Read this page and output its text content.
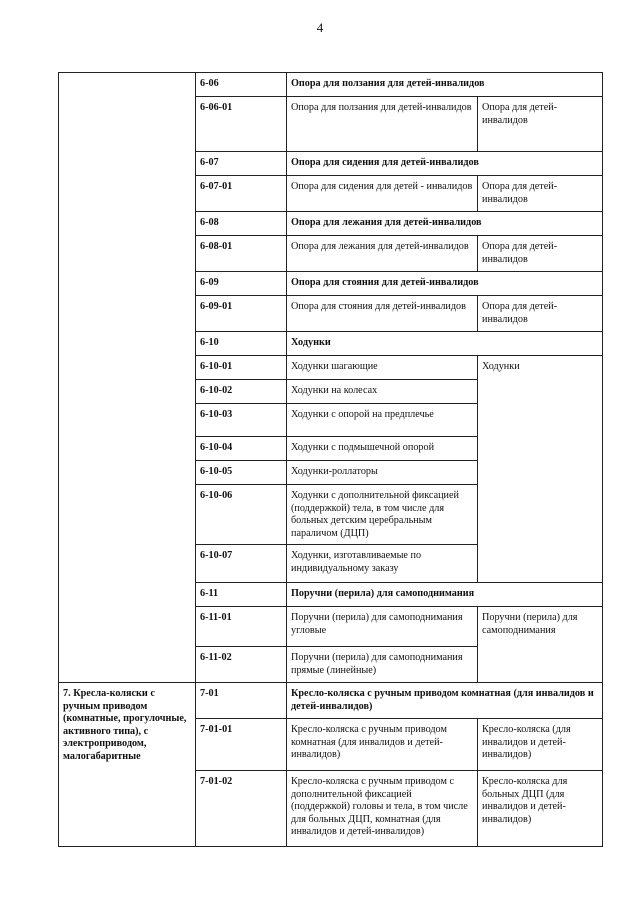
4
	6-06	Опора для ползания для детей-инвалидов	
	6-06-01	Опора для ползания для детей-инвалидов	Опора для детей-инвалидов
	6-07	Опора для сидения для детей-инвалидов	
	6-07-01	Опора для сидения для детей - инвалидов	Опора для детей-инвалидов
	6-08	Опора для лежания для детей-инвалидов	
	6-08-01	Опора для лежания для детей-инвалидов	Опора для детей-инвалидов
	6-09	Опора для стояния для детей-инвалидов	
	6-09-01	Опора для стояния для детей-инвалидов	Опора для детей-инвалидов
	6-10	Ходунки	
	6-10-01	Ходунки шагающие	Ходунки
	6-10-02	Ходунки на колесах	
	6-10-03	Ходунки с опорой на предплечье	
	6-10-04	Ходунки с подмышечной опорой	
	6-10-05	Ходунки-роллаторы	
	6-10-06	Ходунки с дополнительной фиксацией (поддержкой) тела, в том числе для больных детским церебральным параличом (ДЦП)	
	6-10-07	Ходунки, изготавливаемые по индивидуальному заказу	
	6-11	Поручни (перила) для самоподнимания	
	6-11-01	Поручни (перила) для самоподнимания угловые	Поручни (перила) для самоподнимания
	6-11-02	Поручни (перила) для самоподнимания прямые (линейные)	
7. Кресла-коляски с ручным приводом (комнатные, прогулочные, активного типа), с электроприводом, малогабаритные	7-01	Кресло-коляска с ручным приводом комнатная (для инвалидов и детей-инвалидов)	
	7-01-01	Кресло-коляска с ручным приводом комнатная (для инвалидов и детей-инвалидов)	Кресло-коляска (для инвалидов и детей-инвалидов)
	7-01-02	Кресло-коляска с ручным приводом с дополнительной фиксацией (поддержкой) головы и тела, в том числе для больных ДЦП, комнатная (для инвалидов и детей-инвалидов)	Кресло-коляска для больных ДЦП (для инвалидов и детей-инвалидов)
